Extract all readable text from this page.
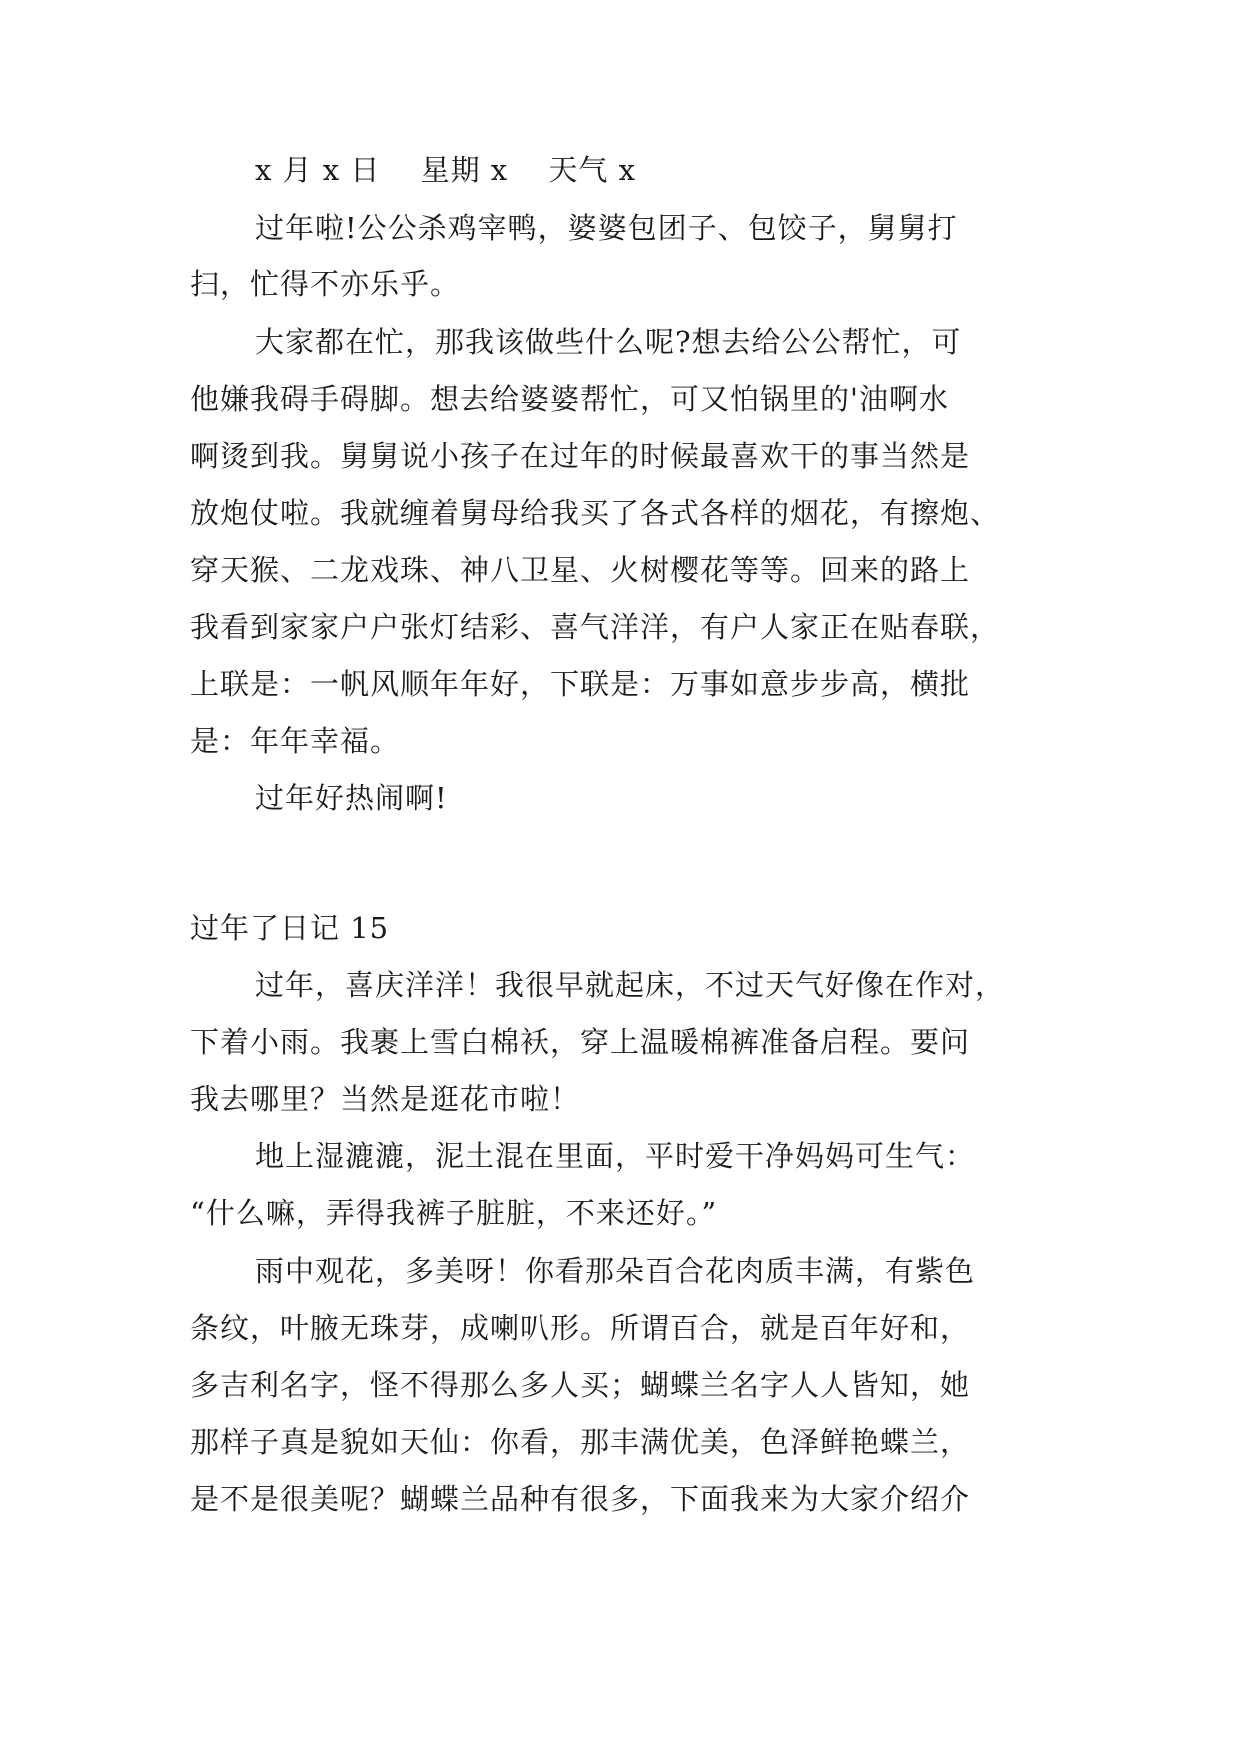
x 月 x 日　 星期 x　 天气 x
过年啦!公公杀鸡宰鸭，婆婆包团子、包饺子，舅舅打
扫，忙得不亦乐乎。
大家都在忙，那我该做些什么呢?想去给公公帮忙，可
他嫌我碍手碍脚。想去给婆婆帮忙，可又怕锅里的'油啊水
啊烫到我。舅舅说小孩子在过年的时候最喜欢干的事当然是
放炮仗啦。我就缠着舅母给我买了各式各样的烟花，有擦炮、
穿天猴、二龙戏珠、神八卫星、火树樱花等等。回来的路上
我看到家家户户张灯结彩、喜气洋洋，有户人家正在贴春联，
上联是：一帆风顺年年好，下联是：万事如意步步高，横批
是：年年幸福。
过年好热闹啊!
过年了日记 15
过年，喜庆洋洋！我很早就起床，不过天气好像在作对，
下着小雨。我裹上雪白棉袄，穿上温暖棉裤准备启程。要问
我去哪里？当然是逛花市啦！
地上湿漉漉，泥土混在里面，平时爱干净妈妈可生气：
“什么嘛，弄得我裤子脏脏，不来还好。”
雨中观花，多美呀！你看那朵百合花肉质丰满，有紫色
条纹，叶腋无珠芽，成喇叭形。所谓百合，就是百年好和，
多吉利名字，怪不得那么多人买；蝴蝶兰名字人人皆知，她
那样子真是貌如天仙：你看，那丰满优美，色泽鲜艳蝶兰，
是不是很美呢？蝴蝶兰品种有很多，下面我来为大家介绍介
